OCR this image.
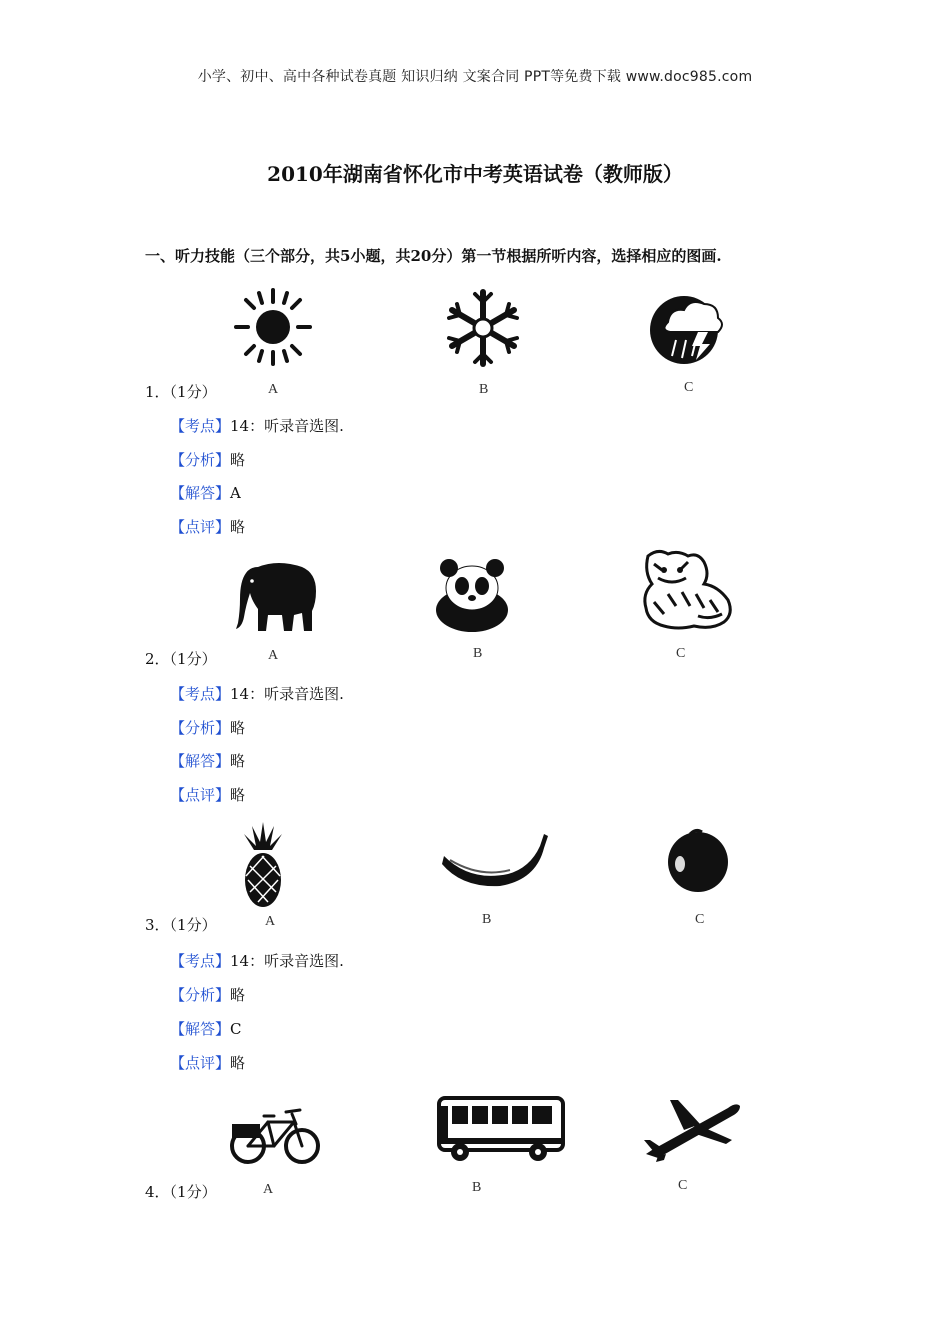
小学、初中、高中各种试卷真题 知识归纳 文案合同 PPT等免费下载 www.doc985.com
2010年湖南省怀化市中考英语试卷（教师版）
一、听力技能（三个部分，共5小题，共20分）第一节根据所听内容，选择相应的图画.
1．（1分）	A	B	C
【考点】14：听录音选图.
【分析】略
【解答】A
【点评】略
2．（1分）	A	B	C
【考点】14：听录音选图.
【分析】略
【解答】略
【点评】略
3．（1分）	A	B	C
【考点】14：听录音选图.
【分析】略
【解答】C
【点评】略
4．（1分）	A	B	C
